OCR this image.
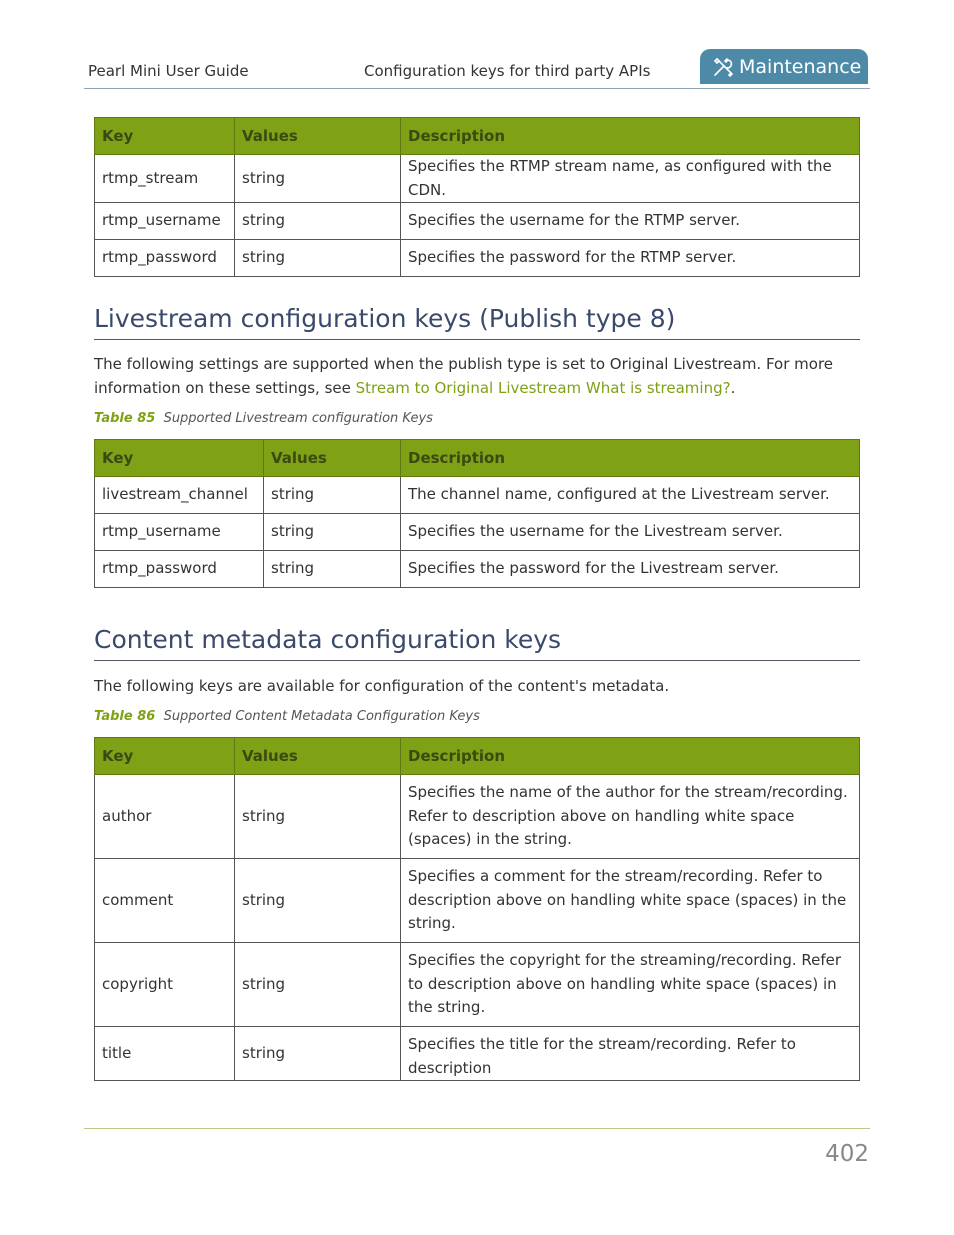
Pearl Mini User Guide	Configuration keys for third party APIs	Maintenance
Key	Values	Description
rtmp_stream	string	Specifies the RTMP stream name, as configured with the CDN.
rtmp_username	string	Specifies the username for the RTMP server.
rtmp_password	string	Specifies the password for the RTMP server.
Livestream configuration keys (Publish type 8)
The following settings are supported when the publish type is set to Original Livestream. For more information on these settings, see Stream to Original Livestream What is streaming?.
Table 85 Supported Livestream configuration Keys
Key	Values	Description
livestream_channel	string	The channel name, configured at the Livestream server.
rtmp_username	string	Specifies the username for the Livestream server.
rtmp_password	string	Specifies the password for the Livestream server.
Content metadata configuration keys
The following keys are available for configuration of the content's metadata.
Table 86 Supported Content Metadata Configuration Keys
Key	Values	Description
author	string	Specifies the name of the author for the stream/recording. Refer to description above on handling white space (spaces) in the string.
comment	string	Specifies a comment for the stream/recording. Refer to description above on handling white space (spaces) in the string.
copyright	string	Specifies the copyright for the streaming/recording. Refer to description above on handling white space (spaces) in the string.
title	string	Specifies the title for the stream/recording. Refer to description
402
